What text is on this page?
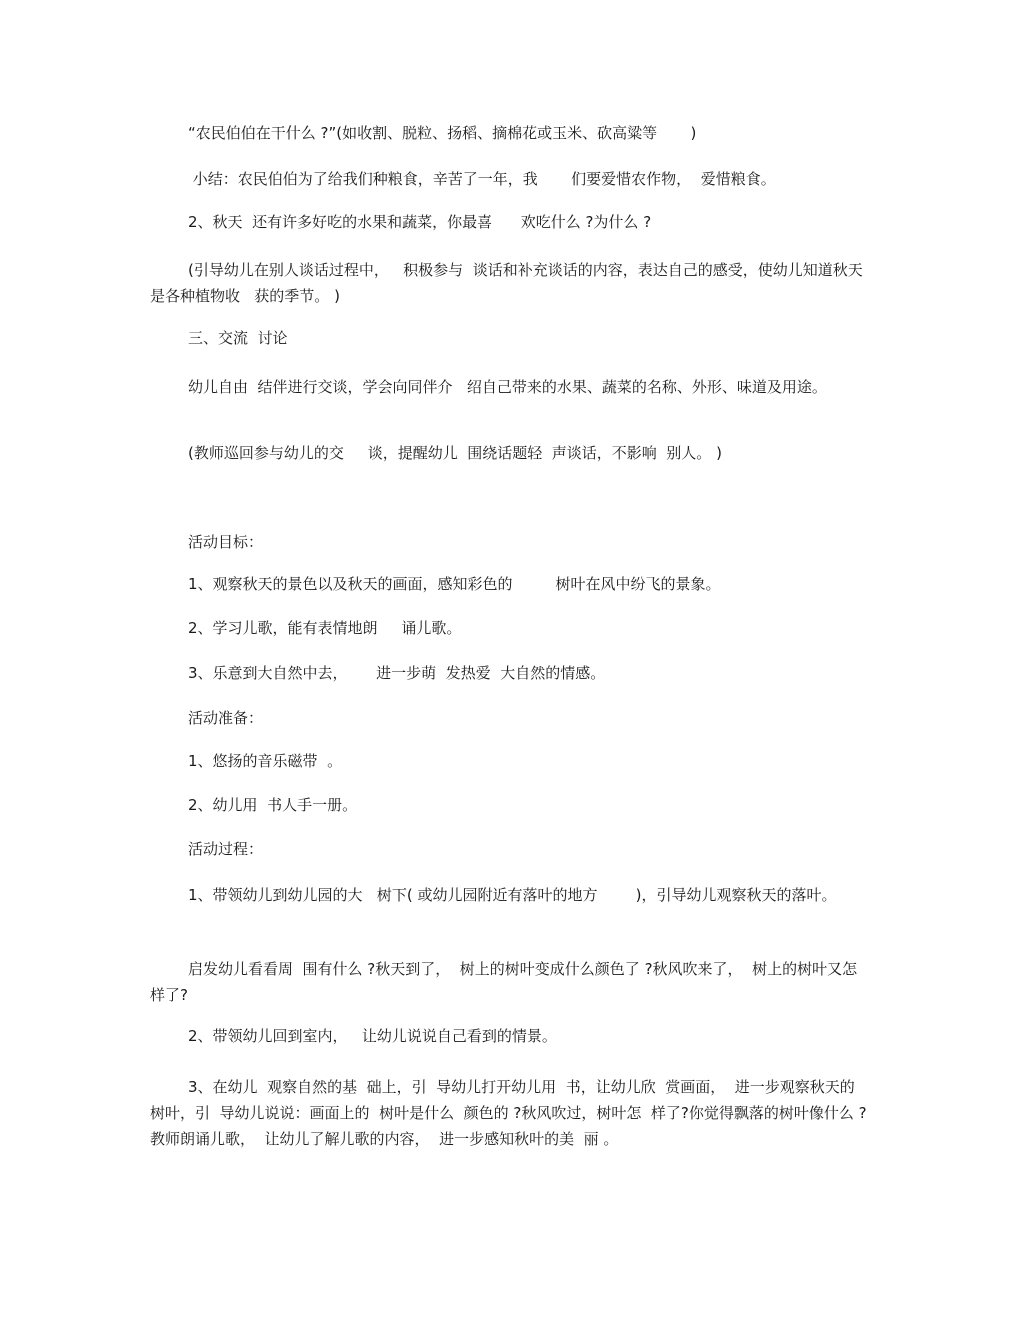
“农民伯伯在干什么 ?”(如收割、脱粒、扬稻、摘棉花或玉米、砍高粱等       )

小结：农民伯伯为了给我们种粮食，辛苦了一年，我       们要爱惜农作物，  爱惜粮食。

2、秋天  还有许多好吃的水果和蔬菜，你最喜      欢吃什么 ?为什么 ?

(引导幼儿在别人谈话过程中，   积极参与  谈话和补充谈话的内容，表达自己的感受，使幼儿知道秋天是各种植物收   获的季节。 )

三、交流  讨论

幼儿自由  结伴进行交谈，学会向同伴介   绍自己带来的水果、蔬菜的名称、外形、味道及用途。

(教师巡回参与幼儿的交     谈，提醒幼儿  围绕话题轻  声谈话，不影响  别人。 )

活动目标：

1、观察秋天的景色以及秋天的画面，感知彩色的         树叶在风中纷飞的景象。

2、学习儿歌，能有表情地朗     诵儿歌。

3、乐意到大自然中去，      进一步萌  发热爱  大自然的情感。

活动准备：

1、悠扬的音乐磁带  。

2、幼儿用  书人手一册。

活动过程：

1、带领幼儿到幼儿园的大   树下( 或幼儿园附近有落叶的地方        )，引导幼儿观察秋天的落叶。

启发幼儿看看周  围有什么 ?秋天到了，  树上的树叶变成什么颜色了 ?秋风吹来了，  树上的树叶又怎样了?

2、带领幼儿回到室内，   让幼儿说说自己看到的情景。

3、在幼儿  观察自然的基  础上，引  导幼儿打开幼儿用  书，让幼儿欣  赏画面，  进一步观察秋天的  树叶，引  导幼儿说说：画面上的  树叶是什么  颜色的 ?秋风吹过，树叶怎  样了?你觉得飘落的树叶像什么 ?教师朗诵儿歌，  让幼儿了解儿歌的内容，  进一步感知秋叶的美  丽 。
